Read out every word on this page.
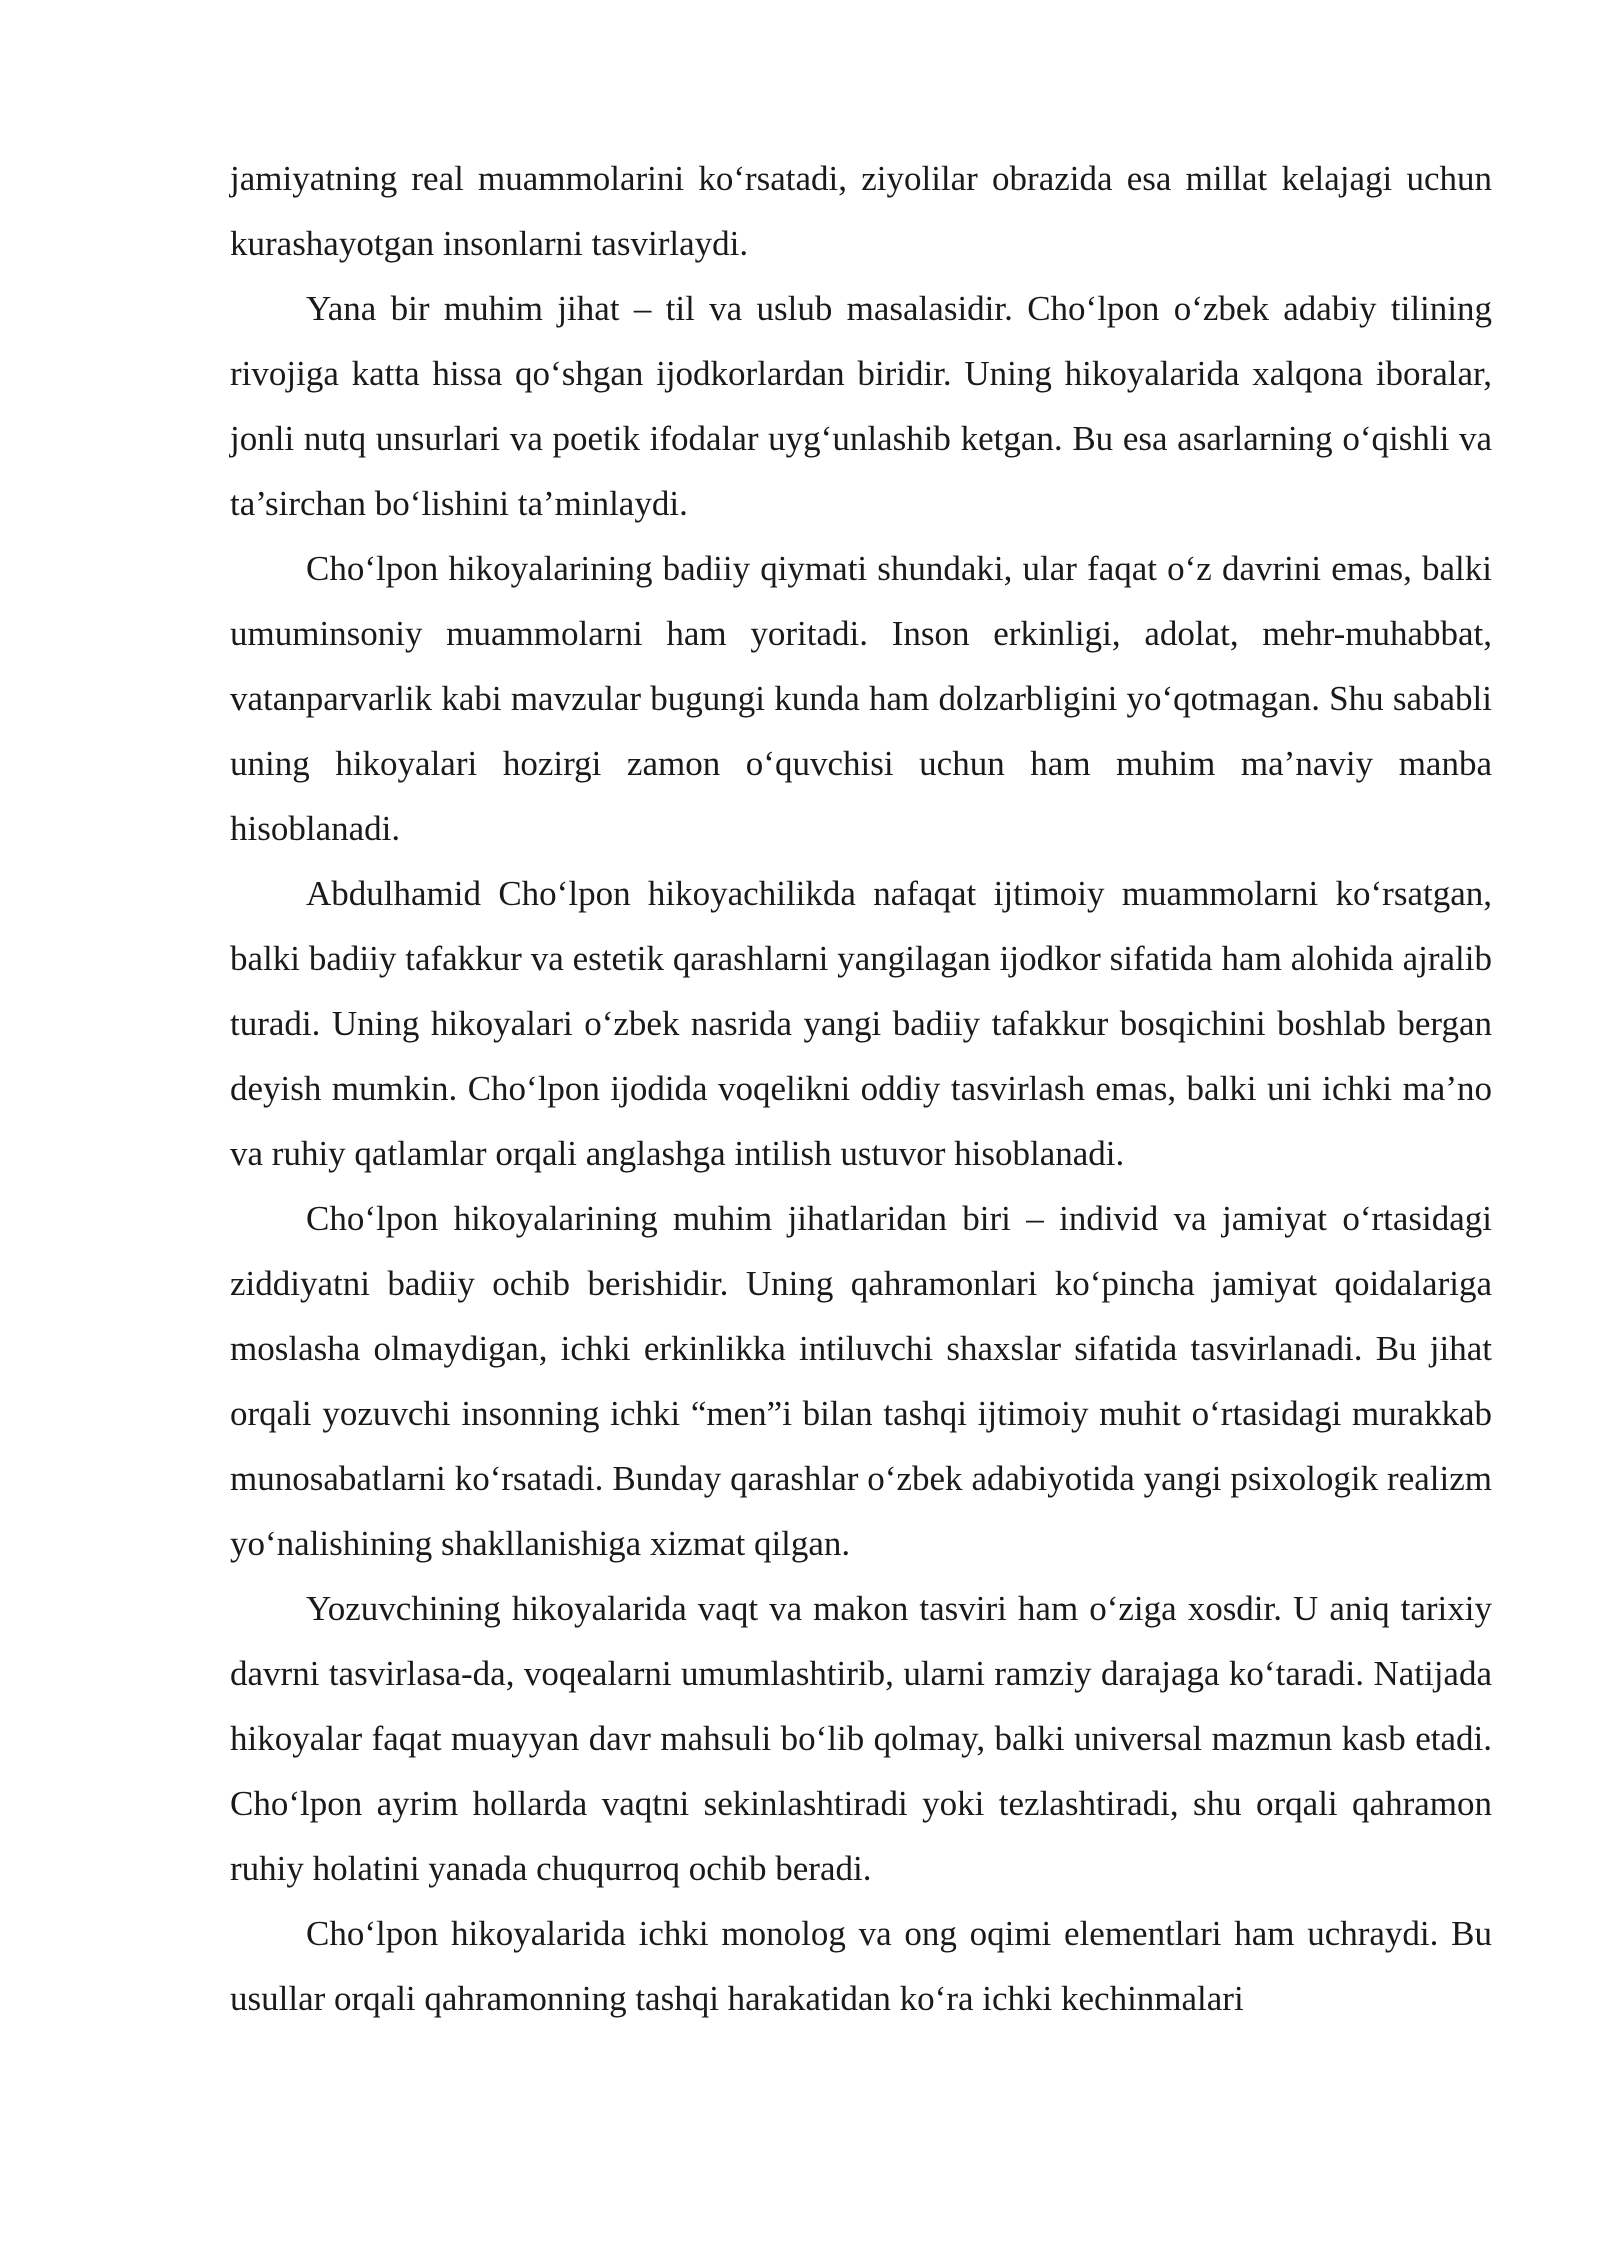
jamiyatning real muammolarini ko‘rsatadi, ziyolilar obrazida esa millat kelajagi uchun kurashayotgan insonlarni tasvirlaydi.

Yana bir muhim jihat – til va uslub masalasidir. Cho‘lpon o‘zbek adabiy tilining rivojiga katta hissa qo‘shgan ijodkorlardan biridir. Uning hikoyalarida xalqona iboralar, jonli nutq unsurlari va poetik ifodalar uyg‘unlashib ketgan. Bu esa asarlarning o‘qishli va ta’sirchan bo‘lishini ta’minlaydi.

Cho‘lpon hikoyalarining badiiy qiymati shundaki, ular faqat o‘z davrini emas, balki umuminsoniy muammolarni ham yoritadi. Inson erkinligi, adolat, mehr-muhabbat, vatanparvarlik kabi mavzular bugungi kunda ham dolzarbligini yo‘qotmagan. Shu sababli uning hikoyalari hozirgi zamon o‘quvchisi uchun ham muhim ma’naviy manba hisoblanadi.

Abdulhamid Cho‘lpon hikoyachilikda nafaqat ijtimoiy muammolarni ko‘rsatgan, balki badiiy tafakkur va estetik qarashlarni yangilagan ijodkor sifatida ham alohida ajralib turadi. Uning hikoyalari o‘zbek nasrida yangi badiiy tafakkur bosqichini boshlab bergan deyish mumkin. Cho‘lpon ijodida voqelikni oddiy tasvirlash emas, balki uni ichki ma’no va ruhiy qatlamlar orqali anglashga intilish ustuvor hisoblanadi.

Cho‘lpon hikoyalarining muhim jihatlaridan biri – individ va jamiyat o‘rtasidagi ziddiyatni badiiy ochib berishidir. Uning qahramonlari ko‘pincha jamiyat qoidalariga moslasha olmaydigan, ichki erkinlikka intiluvchi shaxslar sifatida tasvirlanadi. Bu jihat orqali yozuvchi insonning ichki “men”i bilan tashqi ijtimoiy muhit o‘rtasidagi murakkab munosabatlarni ko‘rsatadi. Bunday qarashlar o‘zbek adabiyotida yangi psixologik realizm yo‘nalishining shakllanishiga xizmat qilgan.

Yozuvchining hikoyalarida vaqt va makon tasviri ham o‘ziga xosdir. U aniq tarixiy davrni tasvirlasa-da, voqealarni umumlashtirib, ularni ramziy darajaga ko‘taradi. Natijada hikoyalar faqat muayyan davr mahsuli bo‘lib qolmay, balki universal mazmun kasb etadi. Cho‘lpon ayrim hollarda vaqtni sekinlashtiradi yoki tezlashtiradi, shu orqali qahramon ruhiy holatini yanada chuqurroq ochib beradi.

Cho‘lpon hikoyalarida ichki monolog va ong oqimi elementlari ham uchraydi. Bu usullar orqali qahramonning tashqi harakatidan ko‘ra ichki kechinmalari
